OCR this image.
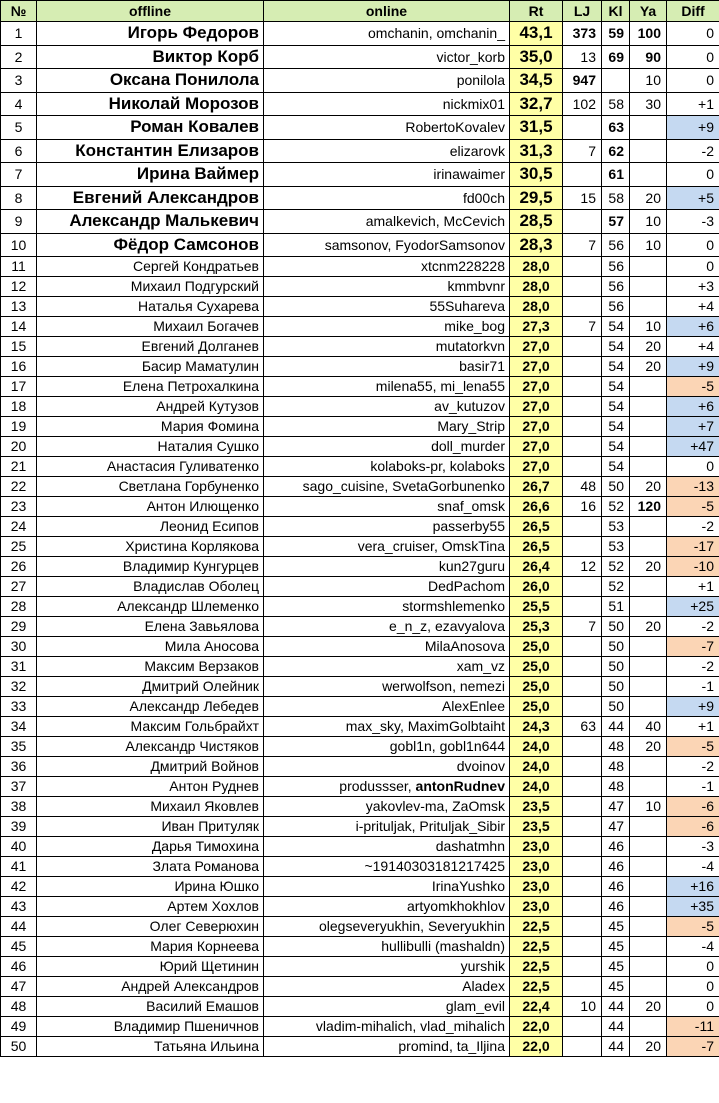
№	offline	online	Rt	LJ	Kl	Ya	Diff
1	Игорь Федоров	omchanin, omchanin_	43,1	373	59	100	0
2	Виктор Корб	victor_korb	35,0	13	69	90	0
3	Оксана Понилола	ponilola	34,5	947		10	0
4	Николай Морозов	nickmix01	32,7	102	58	30	+1
5	Роман Ковалев	RobertoKovalev	31,5		63		+9
6	Константин Елизаров	elizarovk	31,3	7	62		-2
7	Ирина Ваймер	irinawaimer	30,5		61		0
8	Евгений Александров	fd00ch	29,5	15	58	20	+5
9	Александр Малькевич	amalkevich, McCevich	28,5		57	10	-3
10	Фёдор Самсонов	samsonov, FyodorSamsonov	28,3	7	56	10	0
11	Сергей Кондратьев	xtcnm228228	28,0		56		0
12	Михаил Подгурский	kmmbvnr	28,0		56		+3
13	Наталья Сухарева	55Suhareva	28,0		56		+4
14	Михаил Богачев	mike_bog	27,3	7	54	10	+6
15	Евгений Долганев	mutatorkvn	27,0		54	20	+4
16	Басир Маматулин	basir71	27,0		54	20	+9
17	Елена Петрохалкина	milena55, mi_lena55	27,0		54		-5
18	Андрей Кутузов	av_kutuzov	27,0		54		+6
19	Мария Фомина	Mary_Strip	27,0		54		+7
20	Наталия Сушко	doll_murder	27,0		54		+47
21	Анастасия Гуливатенко	kolaboks-pr, kolaboks	27,0		54		0
22	Светлана Горбуненко	sago_cuisine, SvetaGorbunenko	26,7	48	50	20	-13
23	Антон Илющенко	snaf_omsk	26,6	16	52	120	-5
24	Леонид Есипов	passerby55	26,5		53		-2
25	Христина Корлякова	vera_cruiser, OmskTina	26,5		53		-17
26	Владимир Кунгурцев	kun27guru	26,4	12	52	20	-10
27	Владислав Оболец	DedPachom	26,0		52		+1
28	Александр Шлеменко	stormshlemenko	25,5		51		+25
29	Елена Завьялова	e_n_z, ezavyalova	25,3	7	50	20	-2
30	Мила Аносова	MilaAnosova	25,0		50		-7
31	Максим Верзаков	xam_vz	25,0		50		-2
32	Дмитрий Олейник	werwolfson, nemezi	25,0		50		-1
33	Александр Лебедев	AlexEnlee	25,0		50		+9
34	Максим Гольбрайхт	max_sky, MaximGolbtaiht	24,3	63	44	40	+1
35	Александр Чистяков	gobl1n, gobl1n644	24,0		48	20	-5
36	Дмитрий Войнов	dvoinov	24,0		48		-2
37	Антон Руднев	produssser, antonRudnev	24,0		48		-1
38	Михаил Яковлев	yakovlev-ma, ZaOmsk	23,5		47	10	-6
39	Иван Притуляк	i-prituljak, Prituljak_Sibir	23,5		47		-6
40	Дарья Тимохина	dashatmhn	23,0		46		-3
41	Злата Романова	~19140303181217425	23,0		46		-4
42	Ирина Юшко	IrinaYushko	23,0		46		+16
43	Артем Хохлов	artyomkhokhlov	23,0		46		+35
44	Олег Северюхин	olegseveryukhin, Severyukhin	22,5		45		-5
45	Мария Корнеева	hullibulli (mashaldn)	22,5		45		-4
46	Юрий Щетинин	yurshik	22,5		45		0
47	Андрей Александров	Aladex	22,5		45		0
48	Василий Емашов	glam_evil	22,4	10	44	20	0
49	Владимир Пшеничнов	vladim-mihalich, vlad_mihalich	22,0		44		-11
50	Татьяна Ильина	promind, ta_Iljina	22,0		44	20	-7
